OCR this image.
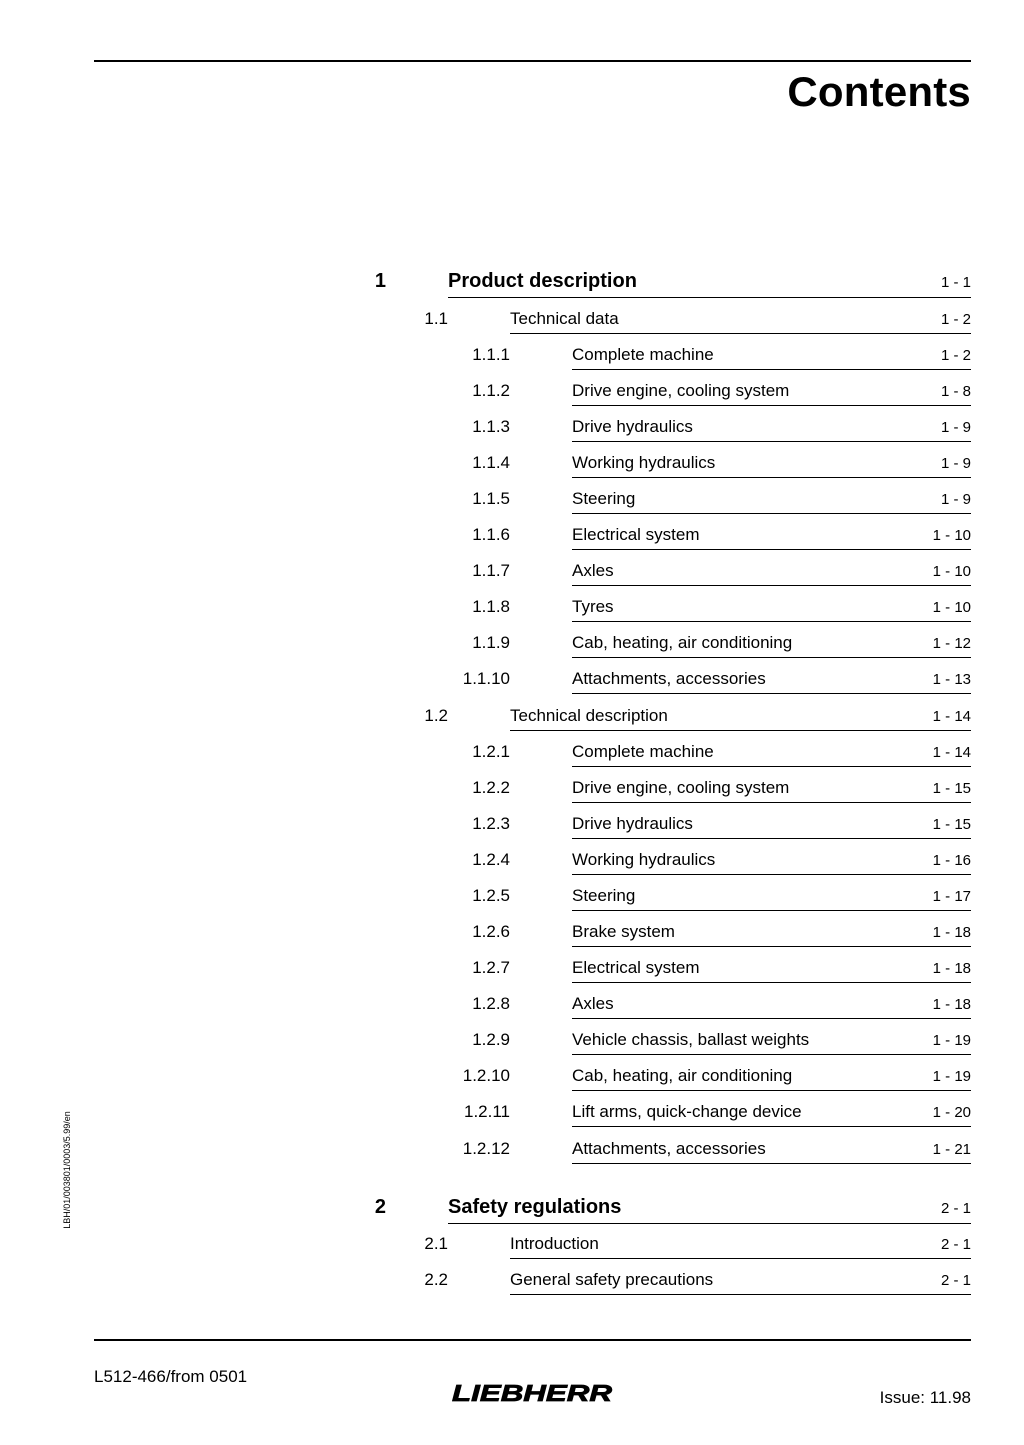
Contents
1	Product description	1 - 1
1.1	Technical data	1 - 2
1.1.1	Complete machine	1 - 2
1.1.2	Drive engine, cooling system	1 - 8
1.1.3	Drive hydraulics	1 - 9
1.1.4	Working hydraulics	1 - 9
1.1.5	Steering	1 - 9
1.1.6	Electrical system	1 - 10
1.1.7	Axles	1 - 10
1.1.8	Tyres	1 - 10
1.1.9	Cab, heating, air conditioning	1 - 12
1.1.10	Attachments, accessories	1 - 13
1.2	Technical description	1 - 14
1.2.1	Complete machine	1 - 14
1.2.2	Drive engine, cooling system	1 - 15
1.2.3	Drive hydraulics	1 - 15
1.2.4	Working hydraulics	1 - 16
1.2.5	Steering	1 - 17
1.2.6	Brake system	1 - 18
1.2.7	Electrical system	1 - 18
1.2.8	Axles	1 - 18
1.2.9	Vehicle chassis, ballast weights	1 - 19
1.2.10	Cab, heating, air conditioning	1 - 19
1.2.11	Lift arms, quick-change device	1 - 20
1.2.12	Attachments, accessories	1 - 21
2	Safety regulations	2 - 1
2.1	Introduction	2 - 1
2.2	General safety precautions	2 - 1
LBH/01/003801/0003/5.99/en
L512-466/from 0501
LIEBHERR	Issue: 11.98
